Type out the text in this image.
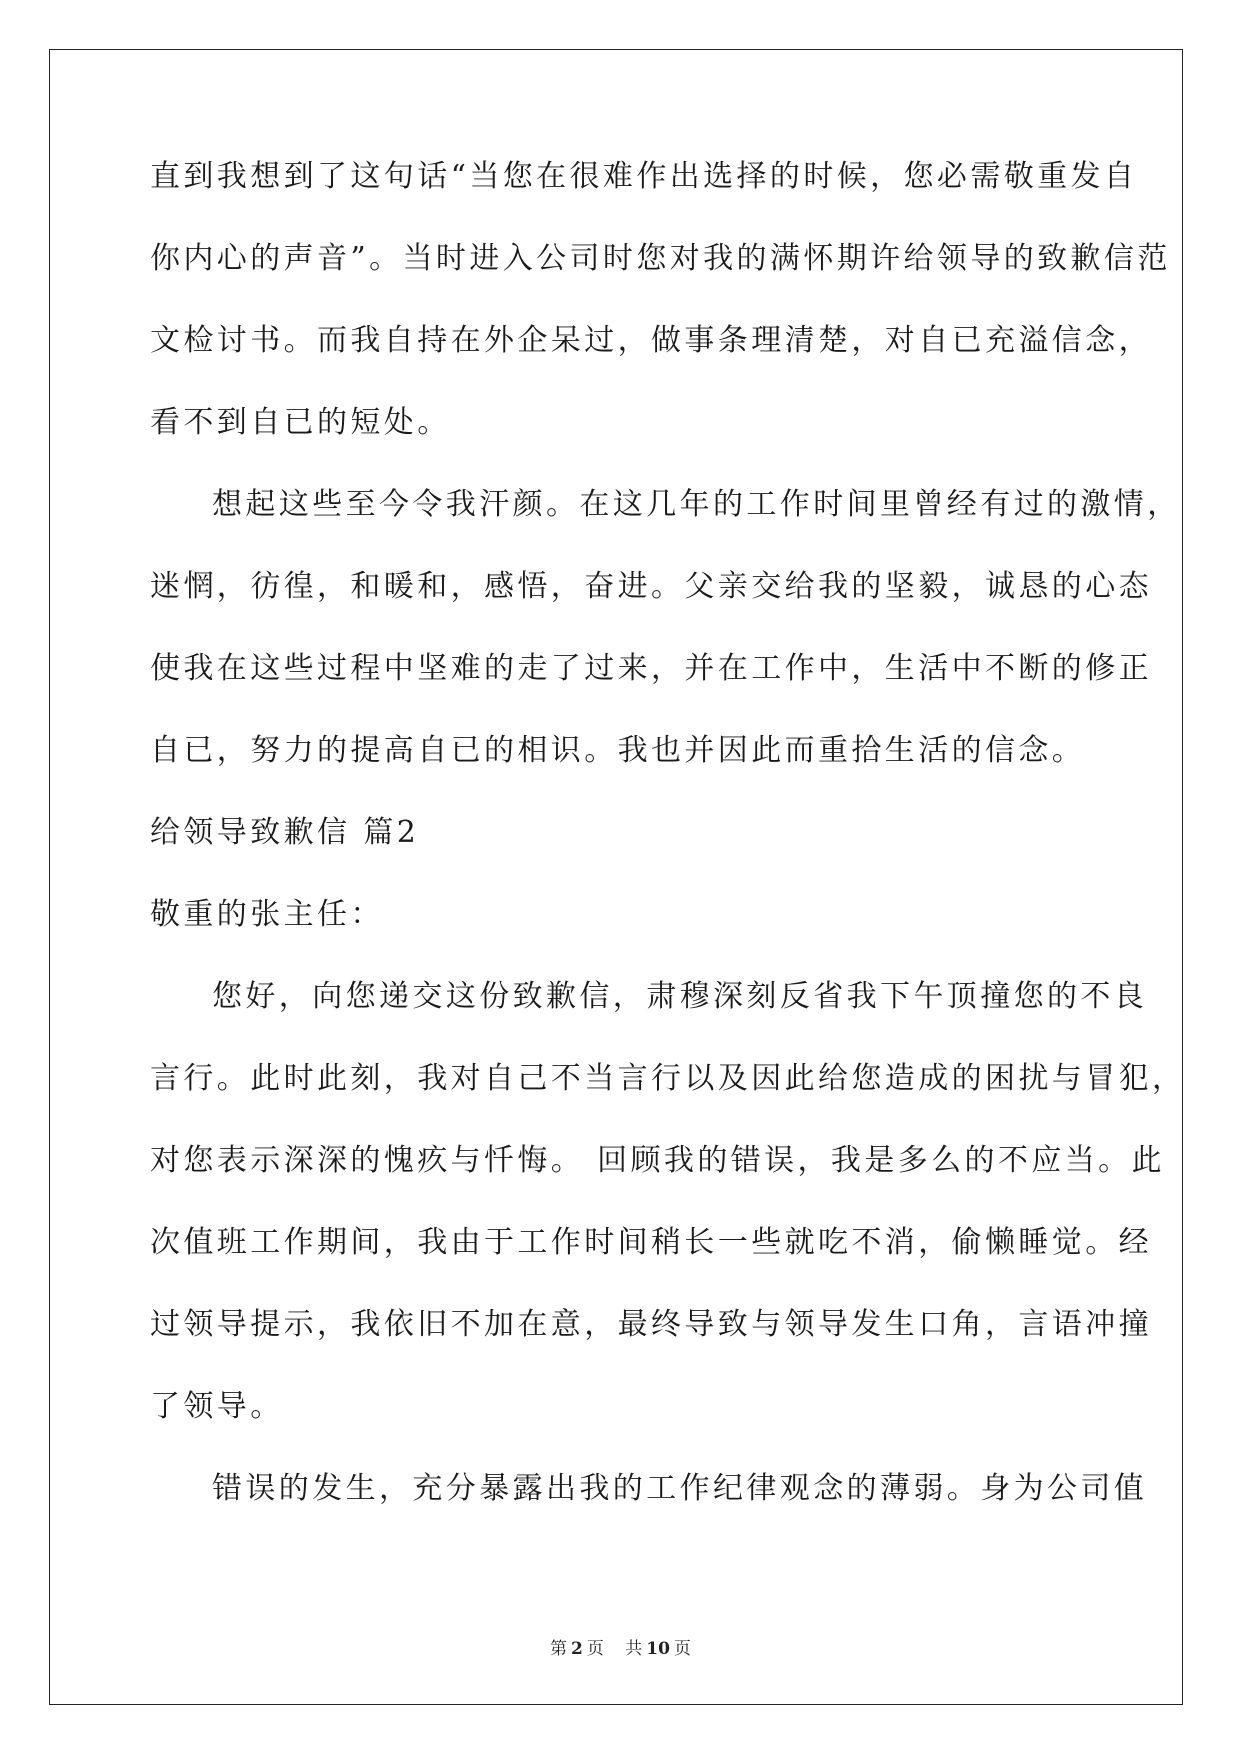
直到我想到了这句话“当您在很难作出选择的时候，您必需敬重发自
你内心的声音”。当时进入公司时您对我的满怀期许给领导的致歉信范
文检讨书。而我自持在外企呆过，做事条理清楚，对自已充溢信念，
看不到自已的短处。
想起这些至今令我汗颜。在这几年的工作时间里曾经有过的激情，
迷惘，彷徨，和暖和，感悟，奋进。父亲交给我的坚毅，诚恳的心态
使我在这些过程中坚难的走了过来，并在工作中，生活中不断的修正
自已，努力的提高自已的相识。我也并因此而重拾生活的信念。
给领导致歉信 篇2
敬重的张主任：
您好，向您递交这份致歉信，肃穆深刻反省我下午顶撞您的不良
言行。此时此刻，我对自己不当言行以及因此给您造成的困扰与冒犯，
对您表示深深的愧疚与忏悔。 回顾我的错误，我是多么的不应当。此
次值班工作期间，我由于工作时间稍长一些就吃不消，偷懒睡觉。经
过领导提示，我依旧不加在意，最终导致与领导发生口角，言语冲撞
了领导。
错误的发生，充分暴露出我的工作纪律观念的薄弱。身为公司值
第 2 页 共 10 页
